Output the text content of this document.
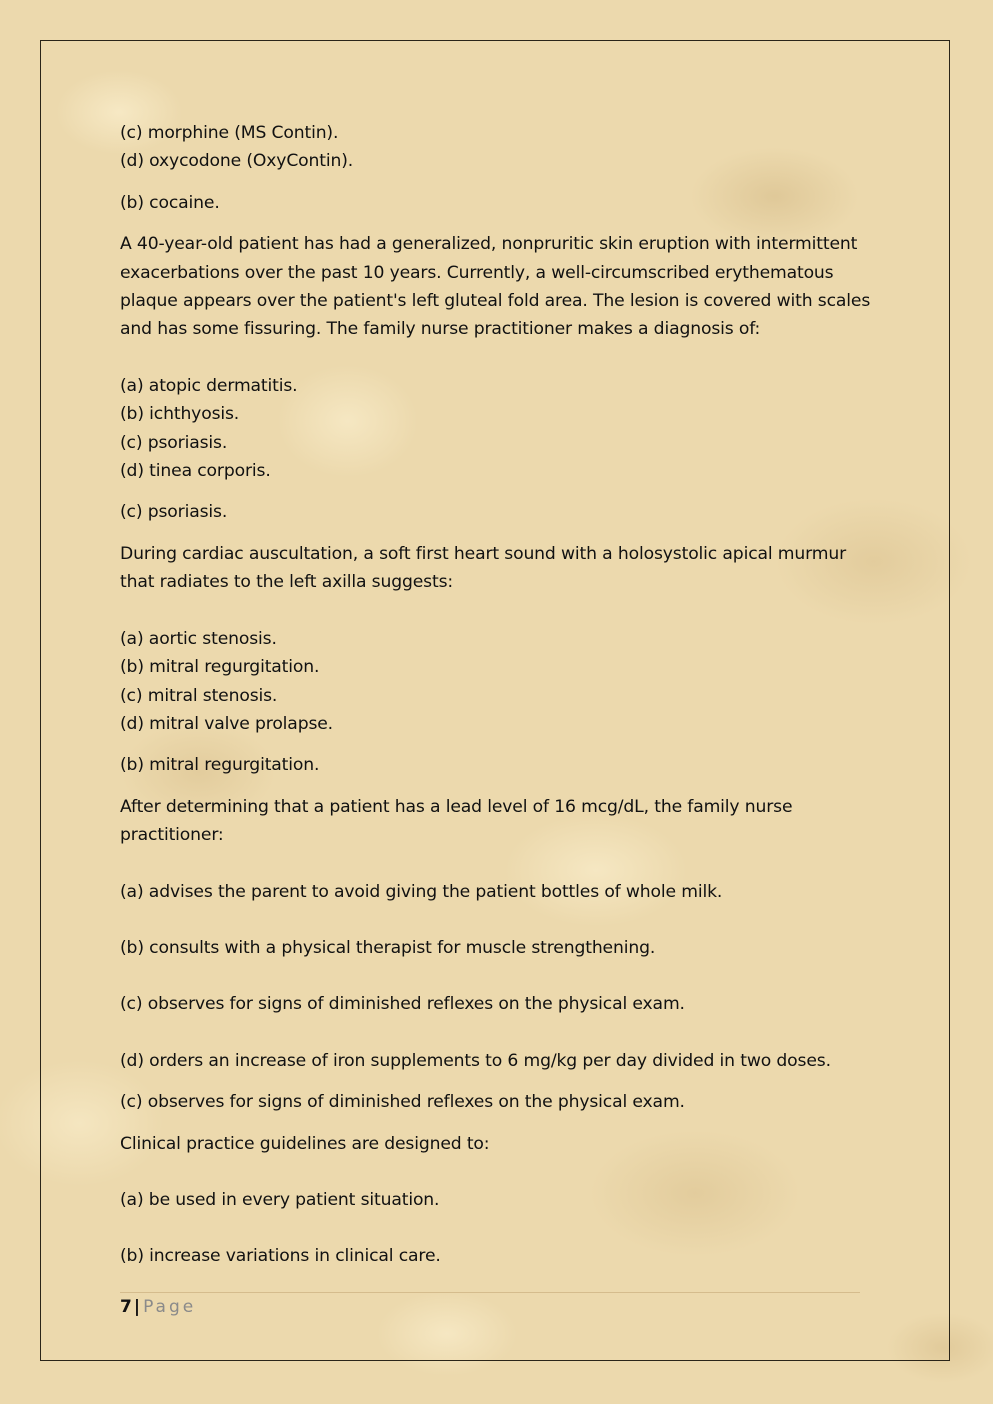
(c) morphine (MS Contin).

(d) oxycodone (OxyContin).

(b) cocaine.

A 40-year-old patient has had a generalized, nonpruritic skin eruption with intermittent

exacerbations over the past 10 years. Currently, a well-circumscribed erythematous

plaque appears over the patient's left gluteal fold area. The lesion is covered with scales

and has some fissuring. The family nurse practitioner makes a diagnosis of:

(a) atopic dermatitis.

(b) ichthyosis.

(c) psoriasis.

(d) tinea corporis.

(c) psoriasis.

During cardiac auscultation, a soft first heart sound with a holosystolic apical murmur

that radiates to the left axilla suggests:

(a) aortic stenosis.

(b) mitral regurgitation.

(c) mitral stenosis.

(d) mitral valve prolapse.

(b) mitral regurgitation.

After determining that a patient has a lead level of 16 mcg/dL, the family nurse

practitioner:

(a) advises the parent to avoid giving the patient bottles of whole milk.

(b) consults with a physical therapist for muscle strengthening.

(c) observes for signs of diminished reflexes on the physical exam.

(d) orders an increase of iron supplements to 6 mg/kg per day divided in two doses.

(c) observes for signs of diminished reflexes on the physical exam.

Clinical practice guidelines are designed to:

(a) be used in every patient situation.

(b) increase variations in clinical care.

7 | Page
